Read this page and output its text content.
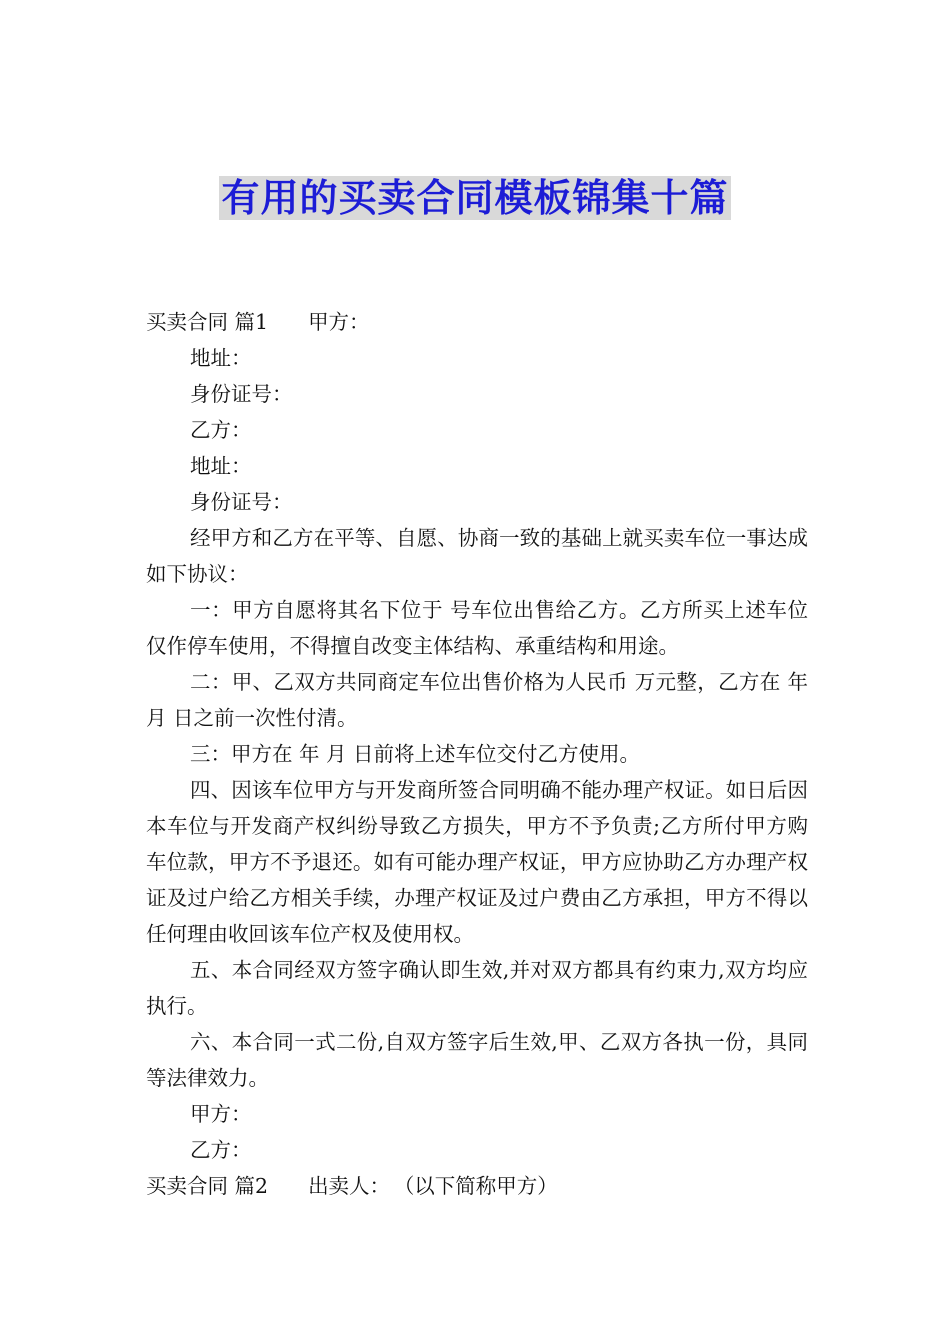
有用的买卖合同模板锦集十篇

买卖合同 篇1 甲方：

地址：

身份证号：

乙方：

地址：

身份证号：

经甲方和乙方在平等、自愿、协商一致的基础上就买卖车位一事达成如下协议：

一：甲方自愿将其名下位于 号车位出售给乙方。乙方所买上述车位仅作停车使用，不得擅自改变主体结构、承重结构和用途。

二：甲、乙双方共同商定车位出售价格为人民币 万元整，乙方在 年 月 日之前一次性付清。

三：甲方在 年 月 日前将上述车位交付乙方使用。

四、因该车位甲方与开发商所签合同明确不能办理产权证。如日后因本车位与开发商产权纠纷导致乙方损失，甲方不予负责;乙方所付甲方购车位款，甲方不予退还。如有可能办理产权证，甲方应协助乙方办理产权证及过户给乙方相关手续，办理产权证及过户费由乙方承担，甲方不得以任何理由收回该车位产权及使用权。

五、本合同经双方签字确认即生效,并对双方都具有约束力,双方均应执行。

六、本合同一式二份,自双方签字后生效,甲、乙双方各执一份，具同等法律效力。

甲方：

乙方：

买卖合同 篇2 出卖人： （以下简称甲方）
